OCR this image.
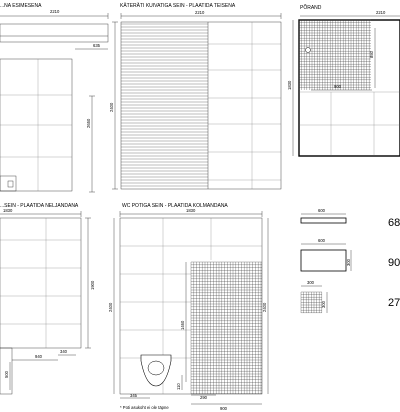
...NA ESIMESENA
2210
635
2650
KÄTERÄTI KUIVATIGA SEIN - PLAATIDA TEISENA
2210
2400
PÕRAND
2210
900
850
1830
...SEIN - PLAATIDA NELJANDANA
1830
1900
940
340
500
WC POTIGA SEIN - PLAATIDA KOLMANDANA
1830
2400	2400
1460
345	290
110
900
* Poti asukoht ei ole täpne
600
68
600
300	90
300
300	27
